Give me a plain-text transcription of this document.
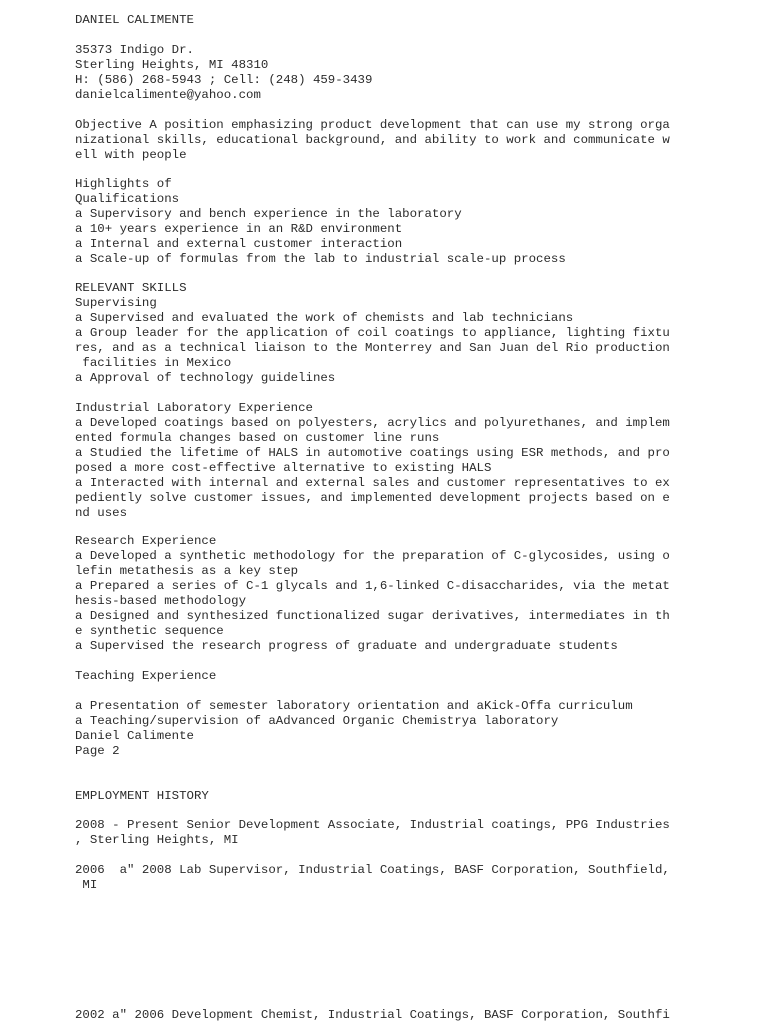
DANIEL CALIMENTE
35373 Indigo Dr.
Sterling Heights, MI 48310
H: (586) 268-5943 ; Cell: (248) 459-3439
danielcalimente@yahoo.com
Objective A position emphasizing product development that can use my strong orga
nizational skills, educational background, and ability to work and communicate w
ell with people
Highlights of
Qualifications
a Supervisory and bench experience in the laboratory
a 10+ years experience in an R&D environment
a Internal and external customer interaction
a Scale-up of formulas from the lab to industrial scale-up process
RELEVANT SKILLS
Supervising
a Supervised and evaluated the work of chemists and lab technicians
a Group leader for the application of coil coatings to appliance, lighting fixtu
res, and as a technical liaison to the Monterrey and San Juan del Rio production
facilities in Mexico
a Approval of technology guidelines
Industrial Laboratory Experience
a Developed coatings based on polyesters, acrylics and polyurethanes, and implem
ented formula changes based on customer line runs
a Studied the lifetime of HALS in automotive coatings using ESR methods, and pro
posed a more cost-effective alternative to existing HALS
a Interacted with internal and external sales and customer representatives to ex
pediently solve customer issues, and implemented development projects based on e
nd uses
Research Experience
a Developed a synthetic methodology for the preparation of C-glycosides, using o
lefin metathesis as a key step
a Prepared a series of C-1 glycals and 1,6-linked C-disaccharides, via the metat
hesis-based methodology
a Designed and synthesized functionalized sugar derivatives, intermediates in th
e synthetic sequence
a Supervised the research progress of graduate and undergraduate students
Teaching Experience
a Presentation of semester laboratory orientation and aKick-Offa curriculum
a Teaching/supervision of aAdvanced Organic Chemistrya laboratory
Daniel Calimente
Page 2
EMPLOYMENT HISTORY
2008 - Present Senior Development Associate, Industrial coatings, PPG Industries
, Sterling Heights, MI
2006  a" 2008 Lab Supervisor, Industrial Coatings, BASF Corporation, Southfield,
MI
2002 a" 2006 Development Chemist, Industrial Coatings, BASF Corporation, Southfi
